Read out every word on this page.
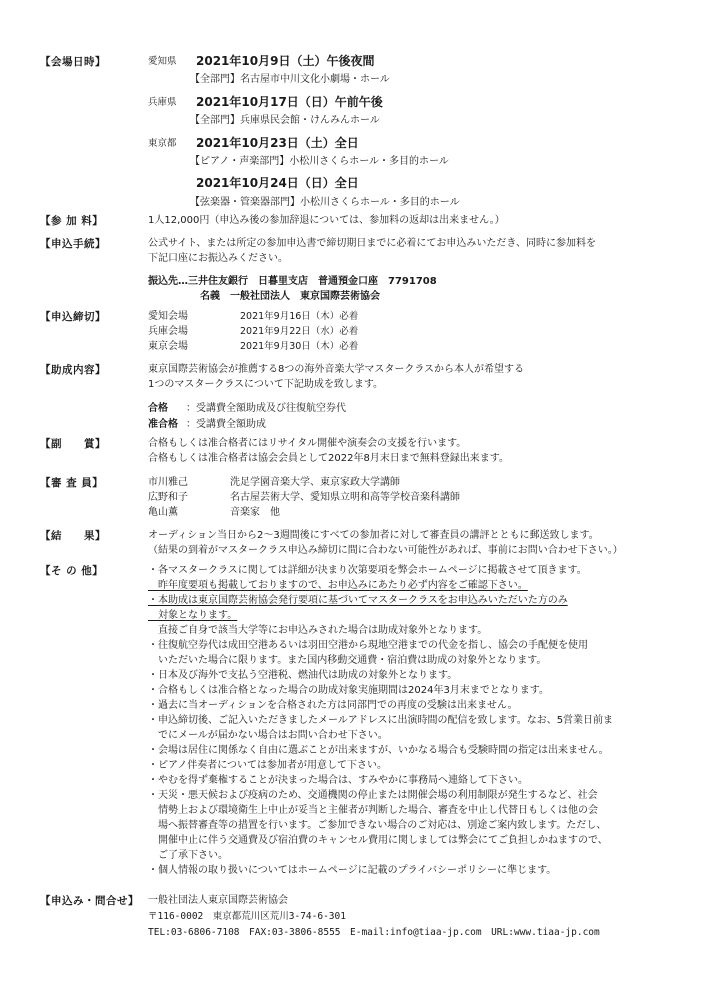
【会場日時】	愛知県 2021年10月9日（土）午後夜間
【全部門】名古屋市中川文化小劇場・ホール
兵庫県 2021年10月17日（日）午前午後
【全部門】兵庫県民会館・けんみんホール
東京都 2021年10月23日（土）全日
【ピアノ・声楽部門】小松川さくらホール・多目的ホール
2021年10月24日（日）全日
【弦楽器・管楽器部門】小松川さくらホール・多目的ホール
【参 加 料】	1人12,000円（申込み後の参加辞退については、参加料の返却は出来ません。）
【申込手続】	公式サイト、または所定の参加申込書で締切期日までに必着にてお申込みいただき、同時に参加料を
下記口座にお振込みください。
振込先…三井住友銀行　日暮里支店　普通預金口座　7791708
名義　一般社団法人　東京国際芸術協会
【申込締切】	愛知会場	2021年9月16日（木）必着
兵庫会場	2021年9月22日（水）必着
東京会場	2021年9月30日（木）必着
【助成内容】	東京国際芸術協会が推薦する8つの海外音楽大学マスタークラスから本人が希望する
1つのマスタークラスについて下記助成を致します。
合格 ：受講費全額助成及び往復航空券代
准合格 ：受講費全額助成
【副　　賞】	合格もしくは准合格者にはリサイタル開催や演奏会の支援を行います。
合格もしくは准合格者は協会会員として2022年8月末日まで無料登録出来ます。
【審 査 員】	市川雅己	洗足学園音楽大学、東京家政大学講師
広野和子	名古屋芸術大学、愛知県立明和高等学校音楽科講師
亀山薫	音楽家　他
【結　　果】	オーディション当日から2～3週間後にすべての参加者に対して審査員の講評とともに郵送致します。
（結果の到着がマスタークラス申込み締切に間に合わない可能性があれば、事前にお問い合わせ下さい。）
【そ の 他】	・各マスタークラスに関しては詳細が決まり次第要項を弊会ホームページに掲載させて頂きます。
　昨年度要項も掲載しておりますので、お申込みにあたり必ず内容をご確認下さい。
・本助成は東京国際芸術協会発行要項に基づいてマスタークラスをお申込みいただいた方のみ
　対象となります。
　直接ご自身で該当大学等にお申込みされた場合は助成対象外となります。
・往復航空券代は成田空港あるいは羽田空港から現地空港までの代金を指し、協会の手配便を使用
　いただいた場合に限ります。また国内移動交通費・宿泊費は助成の対象外となります。
・日本及び海外で支払う空港税、燃油代は助成の対象外となります。
・合格もしくは准合格となった場合の助成対象実施期間は2024年3月末までとなります。
・過去に当オーディションを合格された方は同部門での再度の受験は出来ません。
・申込締切後、ご記入いただきましたメールアドレスに出演時間の配信を致します。なお、5営業日前ま
　でにメールが届かない場合はお問い合わせ下さい。
・会場は居住に関係なく自由に選ぶことが出来ますが、いかなる場合も受験時間の指定は出来ません。
・ピアノ伴奏者については参加者が用意して下さい。
・やむを得ず棄権することが決まった場合は、すみやかに事務局へ連絡して下さい。
・天災・悪天候および疫病のため、交通機関の停止または開催会場の利用制限が発生するなど、社会
　情勢上および環境衛生上中止が妥当と主催者が判断した場合、審査を中止し代替日もしくは他の会
　場へ振替審査等の措置を行います。ご参加できない場合のご対応は、別途ご案内致します。ただし、
　開催中止に伴う交通費及び宿泊費のキャンセル費用に関しましては弊会にてご負担しかねますので、
　ご了承下さい。
・個人情報の取り扱いについてはホームページに記載のプライバシーポリシーに準じます。
【申込み・問合せ】 一般社団法人東京国際芸術協会
〒116-0002　東京都荒川区荒川3-74-6-301
TEL:03-6806-7108　FAX:03-3806-8555　E-mail:info@tiaa-jp.com　URL:www.tiaa-jp.com
